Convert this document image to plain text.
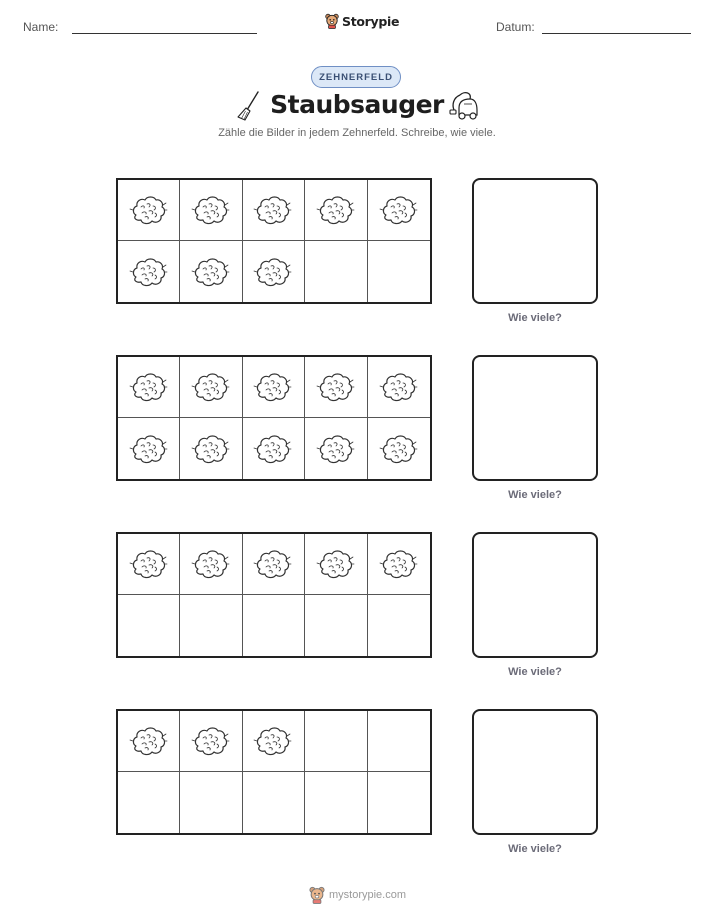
Name:	Storypie	Datum:
ZEHNERFELD
Staubsauger

Zähle die Bilder in jedem Zehnerfeld. Schreibe, wie viele.

Wie viele?
Wie viele?
Wie viele?
Wie viele?
mystorypie.com
